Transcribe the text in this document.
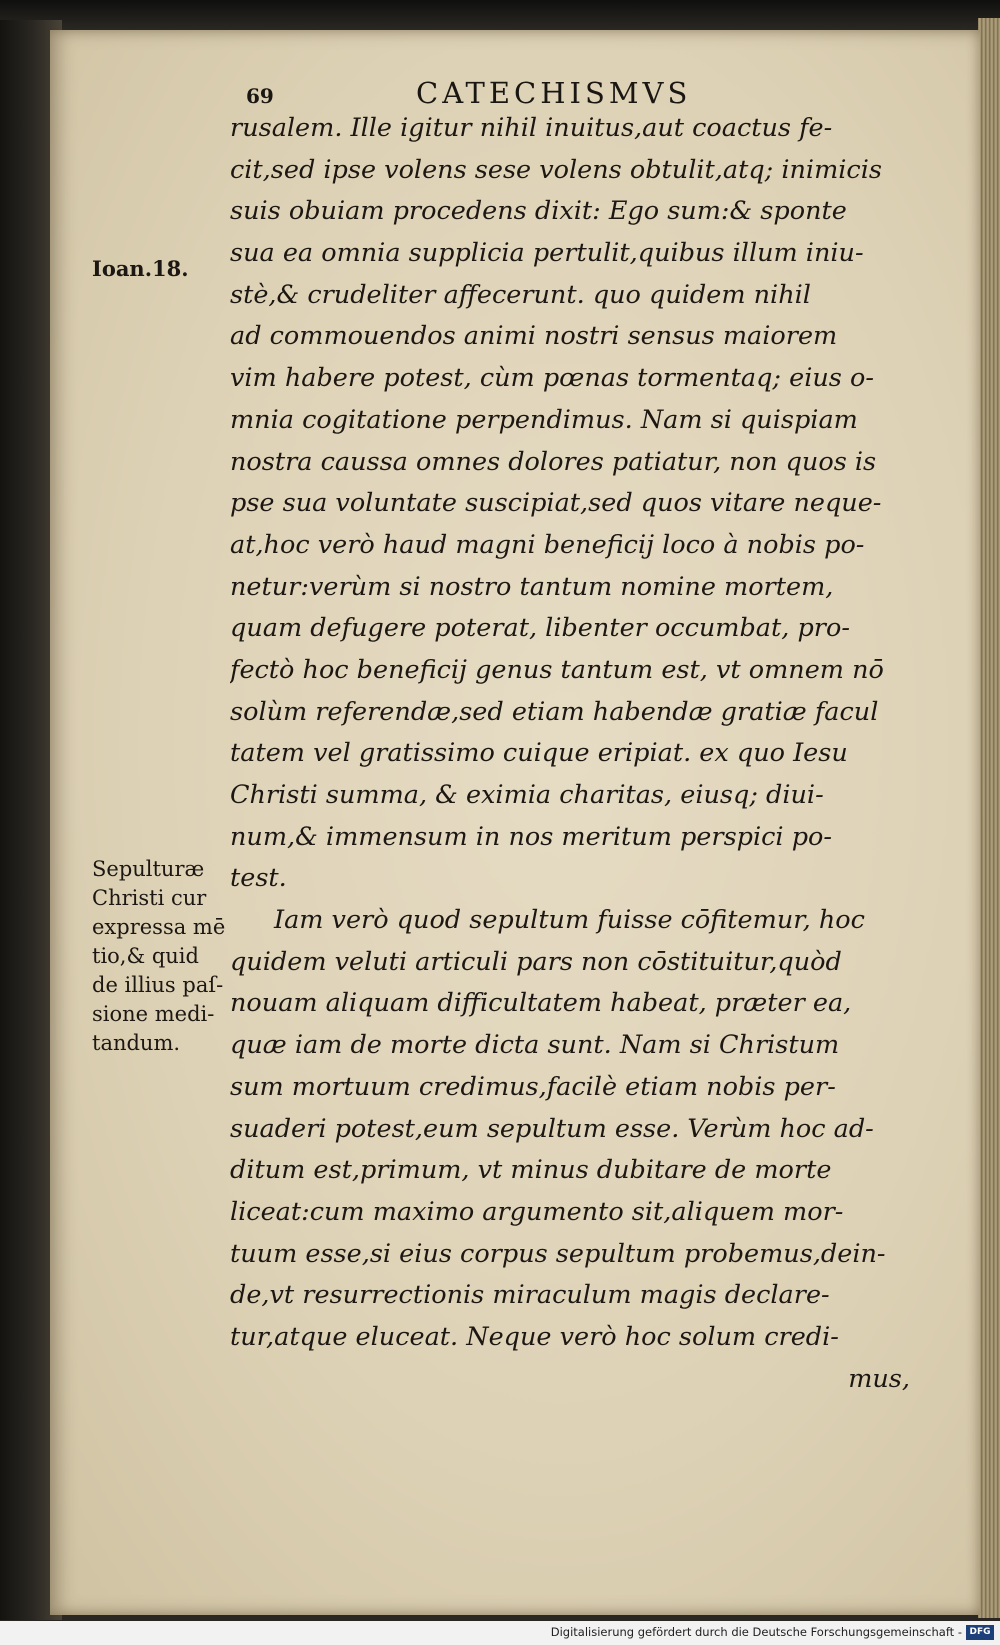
69	CATECHISMVS
Ioan.18.
Sepulturæ
Christi cur
expressa mē
tio,& quid
de illius paſ-
sione medi-
tandum.
rusalem. Ille igitur nihil inuitus,aut coactus fe-
cit,sed ipse volens sese volens obtulit,atq; inimicis
suis obuiam procedens dixit: Ego sum:& sponte
sua ea omnia supplicia pertulit,quibus illum iniu-
stè,& crudeliter affecerunt. quo quidem nihil
ad commouendos animi nostri sensus maiorem
vim habere potest, cùm pœnas tormentaq; eius o-
mnia cogitatione perpendimus. Nam si quispiam
nostra caussa omnes dolores patiatur, non quos is
pse sua voluntate suscipiat,sed quos vitare neque-
at,hoc verò haud magni beneficij loco à nobis po-
netur:verùm si nostro tantum nomine mortem,
quam defugere poterat, libenter occumbat, pro-
fectò hoc beneficij genus tantum est, vt omnem nō
solùm referendæ,sed etiam habendæ gratiæ facul
tatem vel gratissimo cuique eripiat. ex quo Iesu
Christi summa, & eximia charitas, eiusq; diui-
num,& immensum in nos meritum perspici po-
test.
Iam verò quod sepultum fuisse cōfitemur, hoc
quidem veluti articuli pars non cōstituitur,quòd
nouam aliquam difficultatem habeat, præter ea,
quæ iam de morte dicta sunt. Nam si Christum
sum mortuum credimus,facilè etiam nobis per-
suaderi potest,eum sepultum esse. Verùm hoc ad-
ditum est,primum, vt minus dubitare de morte
liceat:cum maximo argumento sit,aliquem mor-
tuum esse,si eius corpus sepultum probemus,dein-
de,vt resurrectionis miraculum magis declare-
tur,atque eluceat. Neque verò hoc solum credi-
mus,
Digitalisierung gefördert durch die Deutsche Forschungsgemeinschaft - DFG
